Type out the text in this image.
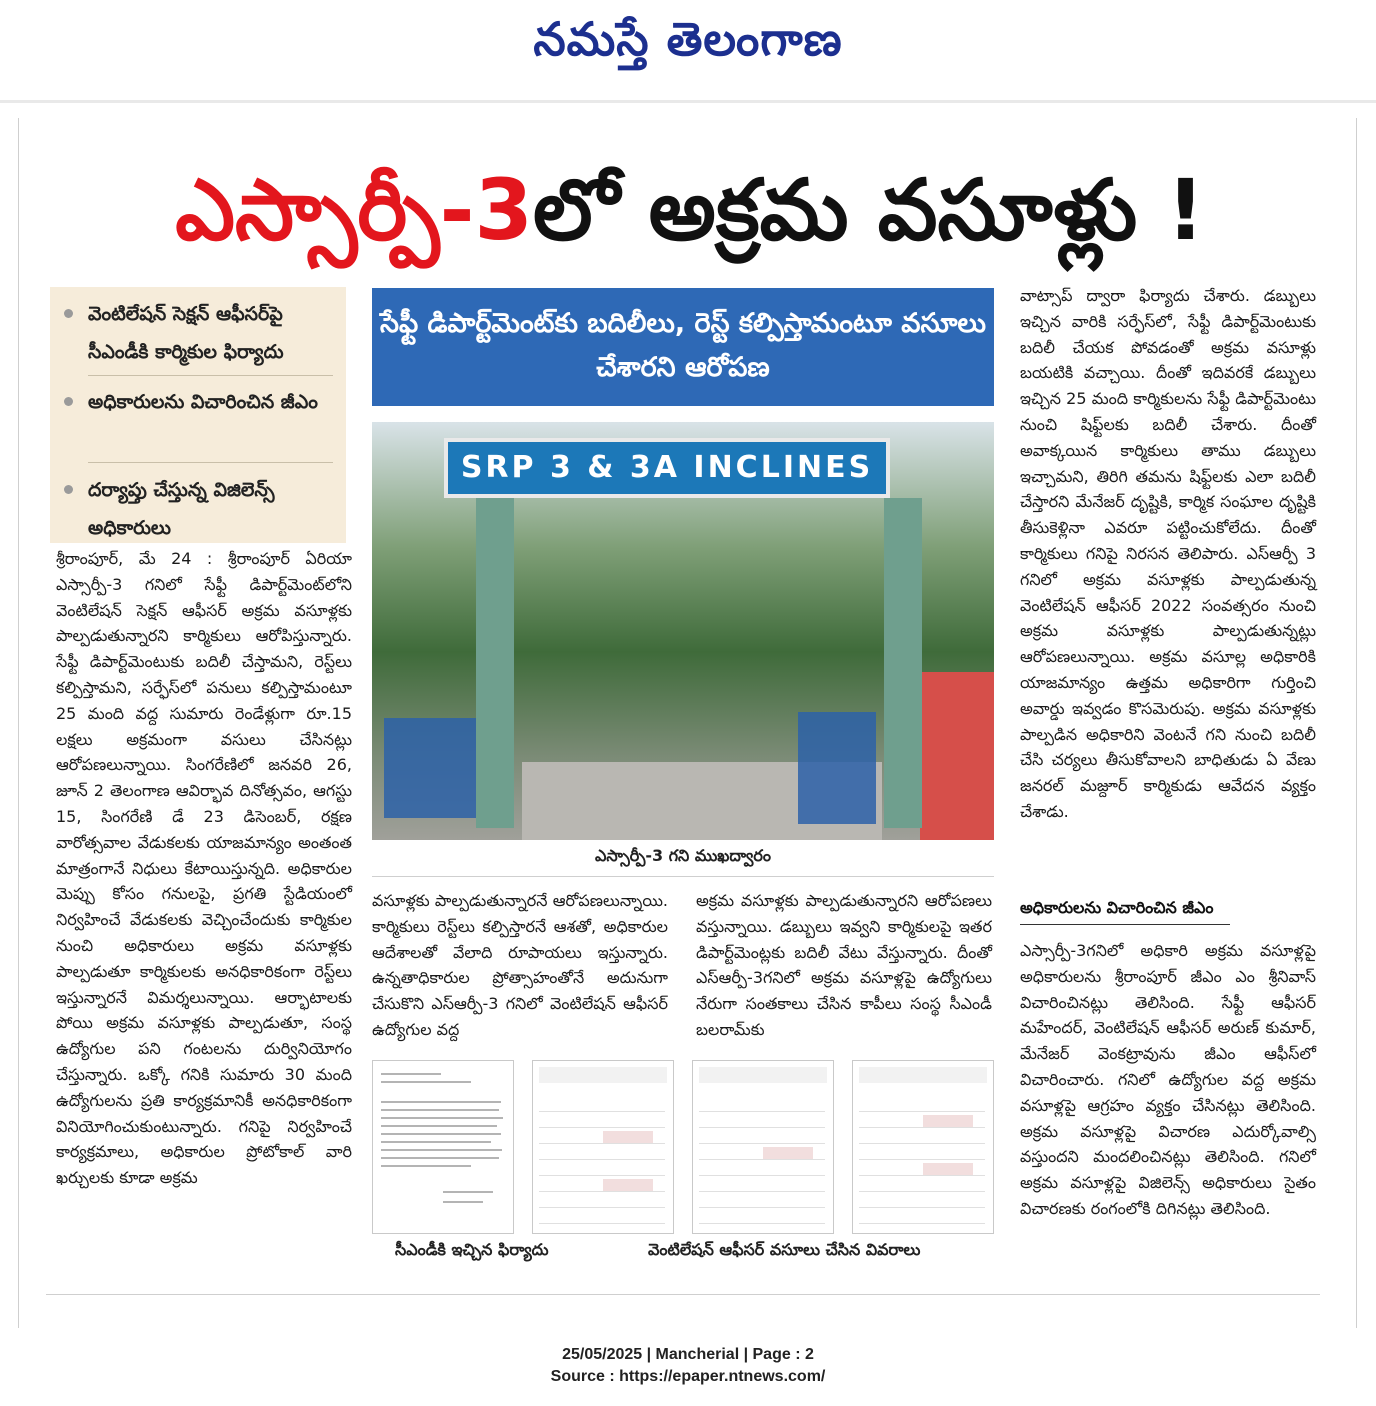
నమస్తే తెలంగాణ
ఎస్సార్పీ-3లో అక్రమ వసూళ్లు !
వెంటిలేషన్ సెక్షన్ ఆఫీసర్‌పై సీఎండీకి కార్మికుల ఫిర్యాదు
అధికారులను విచారించిన జీఎం
దర్యాప్తు చేస్తున్న విజిలెన్స్ అధికారులు

శ్రీరాంపూర్, మే 24 : శ్రీరాంపూర్ ఏరియా ఎస్సార్పీ-3 గనిలో సేఫ్టీ డిపార్ట్‌మెంట్‌లోని వెంటిలేషన్ సెక్షన్ ఆఫీసర్ అక్రమ వసూళ్లకు పాల్పడుతున్నారని కార్మికులు ఆరోపిస్తున్నారు. సేఫ్టీ డిపార్ట్‌మెంటుకు బదిలీ చేస్తామని, రెస్ట్‌లు కల్పిస్తామని, సర్ఫేస్‌లో పనులు కల్పిస్తామంటూ 25 మంది వద్ద సుమారు రెండేళ్లుగా రూ.15 లక్షలు అక్రమంగా వసులు చేసినట్లు ఆరోపణలున్నాయి. సింగరేణిలో జనవరి 26, జూన్ 2 తెలంగాణ ఆవిర్భావ దినోత్సవం, ఆగస్టు 15, సింగరేణి డే 23 డిసెంబర్, రక్షణ వారోత్సవాల వేడుకలకు యాజమాన్యం అంతంత మాత్రంగానే నిధులు కేటాయిస్తున్నది. అధికారుల మెప్పు కోసం గనులపై, ప్రగతి స్టేడియంలో నిర్వహించే వేడుకలకు వెచ్చించేందుకు కార్మికుల నుంచి అధికారులు అక్రమ వసూళ్లకు పాల్పడుతూ కార్మికులకు అనధికారికంగా రెస్ట్‌లు ఇస్తున్నారనే విమర్శలున్నాయి. ఆర్భాటాలకు పోయి అక్రమ వసూళ్లకు పాల్పడుతూ, సంస్థ ఉద్యోగుల పని గంటలను దుర్వినియోగం చేస్తున్నారు. ఒక్కో గనికి సుమారు 30 మంది ఉద్యోగులను ప్రతి కార్యక్రమానికీ అనధికారికంగా వినియోగించుకుంటున్నారు. గనిపై నిర్వహించే కార్యక్రమాలు, అధికారుల ప్రోటోకాల్ వారి ఖర్చులకు కూడా అక్రమ

సేఫ్టీ డిపార్ట్‌మెంట్‌కు బదిలీలు, రెస్ట్ కల్పిస్తామంటూ వసూలు చేశారని ఆరోపణ
SRP 3 & 3A INCLINES
ఎస్సార్పీ-3 గని ముఖద్వారం

వసూళ్లకు పాల్పడుతున్నారనే ఆరోపణలున్నాయి. కార్మికులు రెస్ట్‌లు కల్పిస్తారనే ఆశతో, అధికారుల ఆదేశాలతో వేలాది రూపాయలు ఇస్తున్నారు. ఉన్నతాధికారుల ప్రోత్సాహంతోనే అదునుగా చేసుకొని ఎస్ఆర్పీ-3 గనిలో వెంటిలేషన్ ఆఫీసర్ ఉద్యోగుల వద్ద

అక్రమ వసూళ్లకు పాల్పడుతున్నారని ఆరోపణలు వస్తున్నాయి. డబ్బులు ఇవ్వని కార్మికులపై ఇతర డిపార్ట్‌మెంట్లకు బదిలీ వేటు వేస్తున్నారు. దీంతో ఎస్ఆర్పీ-3గనిలో అక్రమ వసూళ్లపై ఉద్యోగులు నేరుగా సంతకాలు చేసిన కాపీలు సంస్థ సీఎండీ బలరామ్‌కు

సీఎండీకి ఇచ్చిన ఫిర్యాదు	వెంటిలేషన్ ఆఫీసర్ వసూలు చేసిన వివరాలు

వాట్సాప్ ద్వారా ఫిర్యాదు చేశారు. డబ్బులు ఇచ్చిన వారికి సర్ఫేస్‌లో, సేఫ్టీ డిపార్ట్‌మెంటుకు బదిలీ చేయక పోవడంతో అక్రమ వసూళ్లు బయటికి వచ్చాయి. దీంతో ఇదివరకే డబ్బులు ఇచ్చిన 25 మంది కార్మికులను సేఫ్టీ డిపార్ట్‌మెంటు నుంచి షిఫ్ట్‌లకు బదిలీ చేశారు. దీంతో అవాక్కయిన కార్మికులు తాము డబ్బులు ఇచ్చామని, తిరిగి తమను షిఫ్ట్‌లకు ఎలా బదిలీ చేస్తారని మేనేజర్ దృష్టికి, కార్మిక సంఘాల దృష్టికి తీసుకెళ్లినా ఎవరూ పట్టించుకోలేదు. దీంతో కార్మికులు గనిపై నిరసన తెలిపారు. ఎస్ఆర్పీ 3 గనిలో అక్రమ వసూళ్లకు పాల్పడుతున్న వెంటిలేషన్ ఆఫీసర్ 2022 సంవత్సరం నుంచి అక్రమ వసూళ్లకు పాల్పడుతున్నట్లు ఆరోపణలున్నాయి. అక్రమ వసూల్ల అధికారికి యాజమాన్యం ఉత్తమ అధికారిగా గుర్తించి అవార్డు ఇవ్వడం కొసమెరుపు. అక్రమ వసూళ్లకు పాల్పడిన అధికారిని వెంటనే గని నుంచి బదిలీ చేసి చర్యలు తీసుకోవాలని బాధితుడు ఏ వేణు జనరల్ మజ్దూర్ కార్మికుడు ఆవేదన వ్యక్తం చేశాడు.

అధికారులను విచారించిన జీఎం

ఎస్సార్పీ-3గనిలో అధికారి అక్రమ వసూళ్లపై అధికారులను శ్రీరాంపూర్ జీఎం ఎం శ్రీనివాస్ విచారించినట్లు తెలిసింది. సేఫ్టీ ఆఫీసర్ మహేందర్, వెంటిలేషన్ ఆఫీసర్ అరుణ్ కుమార్, మేనేజర్ వెంకట్రావును జీఎం ఆఫీస్‌లో విచారించారు. గనిలో ఉద్యోగుల వద్ద అక్రమ వసూళ్లపై ఆగ్రహం వ్యక్తం చేసినట్లు తెలిసింది. అక్రమ వసూళ్లపై విచారణ ఎదుర్కోవాల్సి వస్తుందని మందలించినట్లు తెలిసింది. గనిలో అక్రమ వసూళ్లపై విజిలెన్స్ అధికారులు సైతం విచారణకు రంగంలోకి దిగినట్లు తెలిసింది.

25/05/2025 | Mancherial | Page : 2
Source : https://epaper.ntnews.com/
